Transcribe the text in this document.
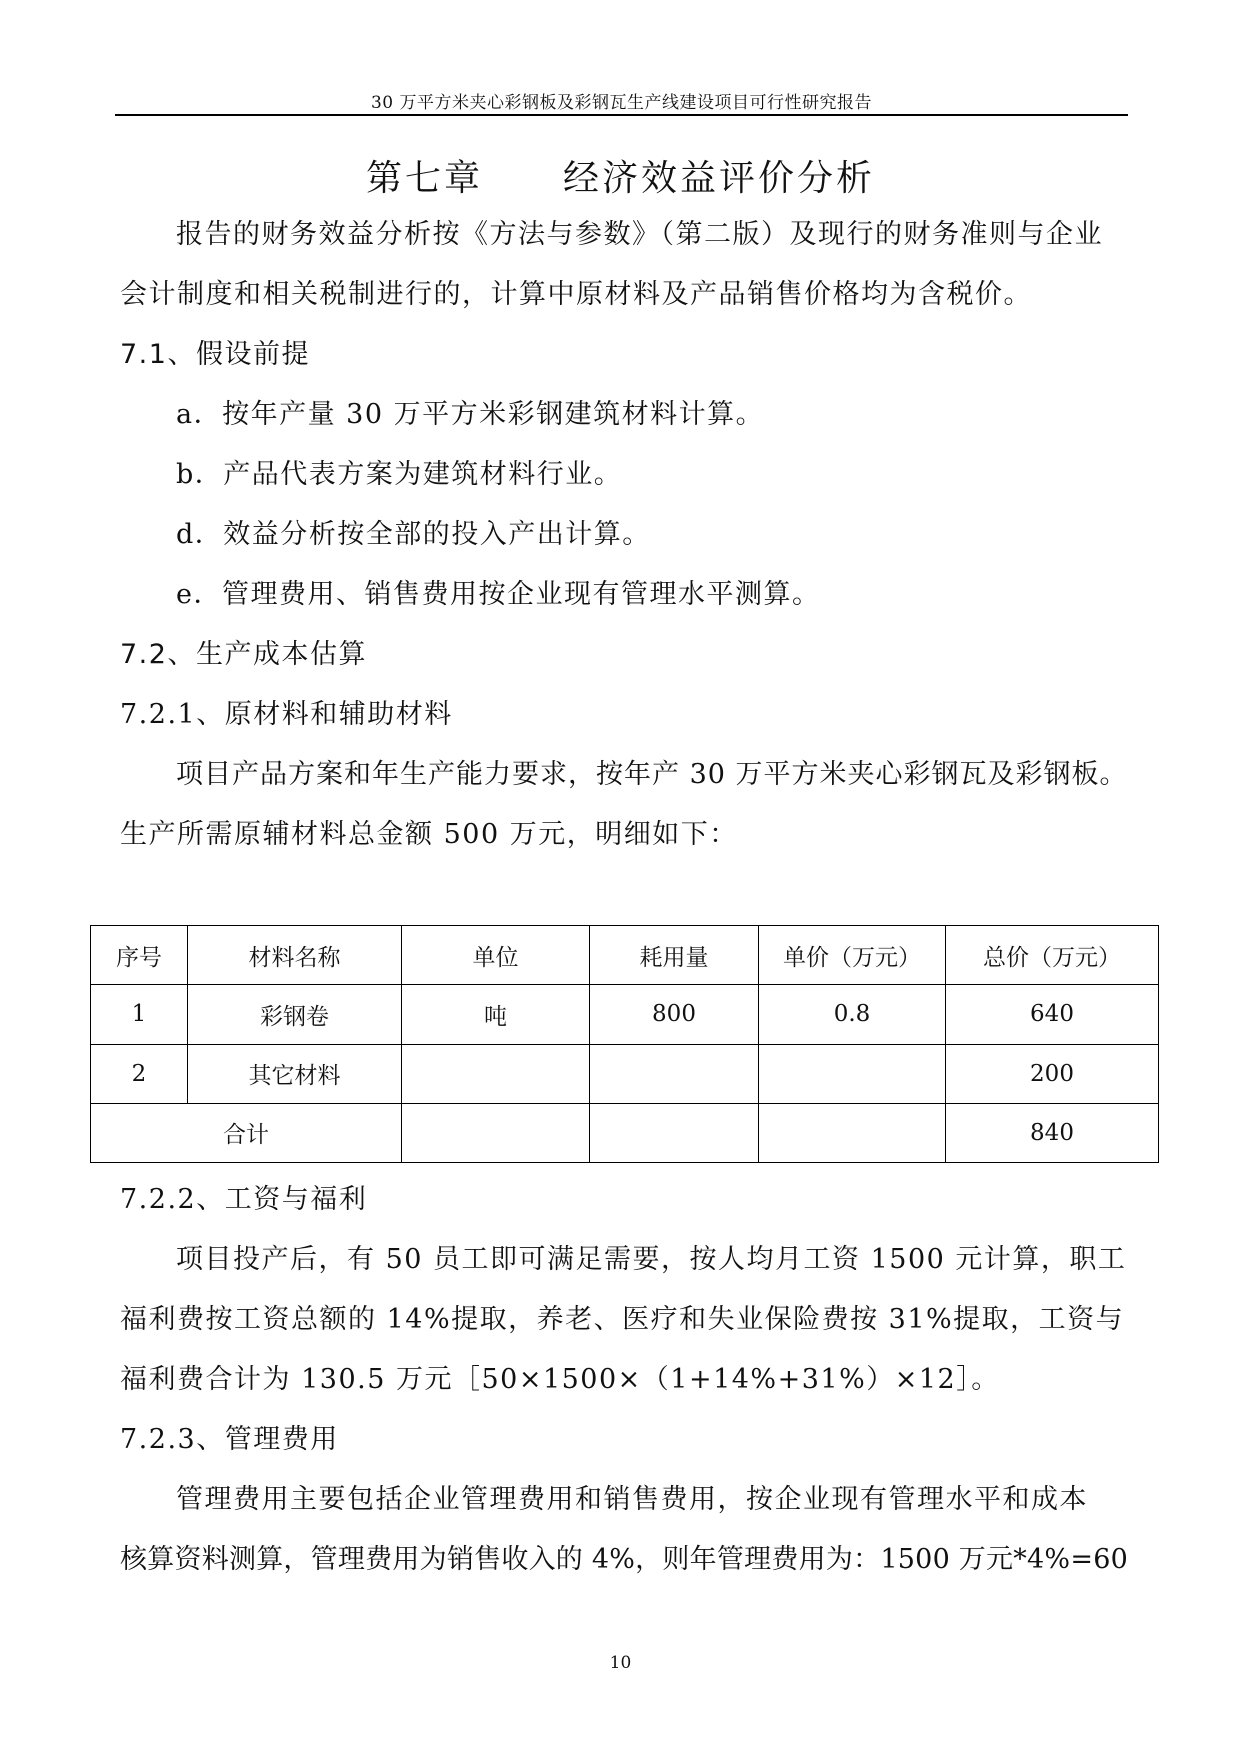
30 万平方米夹心彩钢板及彩钢瓦生产线建设项目可行性研究报告
第七章 经济效益评价分析
报告的财务效益分析按《方法与参数》（第二版）及现行的财务准则与企业
会计制度和相关税制进行的，计算中原材料及产品销售价格均为含税价。
7.1、假设前提
a．按年产量 30 万平方米彩钢建筑材料计算。
b．产品代表方案为建筑材料行业。
d．效益分析按全部的投入产出计算。
e．管理费用、销售费用按企业现有管理水平测算。
7.2、生产成本估算
7.2.1、原材料和辅助材料
项目产品方案和年生产能力要求，按年产 30 万平方米夹心彩钢瓦及彩钢板。
生产所需原辅材料总金额 500 万元，明细如下：
序号	材料名称	单位	耗用量	单价（万元）	总价（万元）
1	彩钢卷	吨	800	0.8	640
2	其它材料				200
合计					840
7.2.2、工资与福利
项目投产后，有 50 员工即可满足需要，按人均月工资 1500 元计算，职工
福利费按工资总额的 14%提取，养老、医疗和失业保险费按 31%提取，工资与
福利费合计为 130.5 万元［50×1500×（1+14%+31%）×12］。
7.2.3、管理费用
管理费用主要包括企业管理费用和销售费用，按企业现有管理水平和成本
核算资料测算，管理费用为销售收入的 4%，则年管理费用为：1500 万元*4%=60
10
